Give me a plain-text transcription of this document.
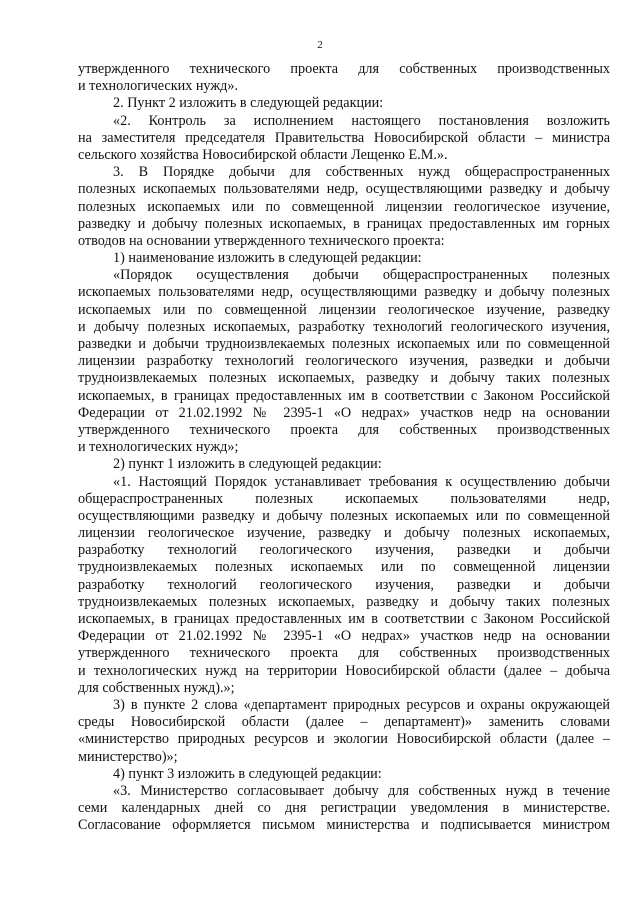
2
утвержденного технического проекта для собственных производственных
и технологических нужд».
2. Пункт 2 изложить в следующей редакции:
«2. Контроль за исполнением настоящего постановления возложить
на заместителя председателя Правительства Новосибирской области – министра
сельского хозяйства Новосибирской области Лещенко Е.М.».
3. В Порядке добычи для собственных нужд общераспространенных
полезных ископаемых пользователями недр, осуществляющими разведку и добычу
полезных ископаемых или по совмещенной лицензии геологическое изучение,
разведку и добычу полезных ископаемых, в границах предоставленных им горных
отводов на основании утвержденного технического проекта:
1) наименование изложить в следующей редакции:
«Порядок осуществления добычи общераспространенных полезных
ископаемых пользователями недр, осуществляющими разведку и добычу полезных
ископаемых или по совмещенной лицензии геологическое изучение, разведку
и добычу полезных ископаемых, разработку технологий геологического изучения,
разведки и добычи трудноизвлекаемых полезных ископаемых или по совмещенной
лицензии разработку технологий геологического изучения, разведки и добычи
трудноизвлекаемых полезных ископаемых, разведку и добычу таких полезных
ископаемых, в границах предоставленных им в соответствии с Законом Российской
Федерации от 21.02.1992 № 2395-1 «О недрах» участков недр на основании
утвержденного технического проекта для собственных производственных
и технологических нужд»;
2) пункт 1 изложить в следующей редакции:
«1. Настоящий Порядок устанавливает требования к осуществлению добычи
общераспространенных полезных ископаемых пользователями недр,
осуществляющими разведку и добычу полезных ископаемых или по совмещенной
лицензии геологическое изучение, разведку и добычу полезных ископаемых,
разработку технологий геологического изучения, разведки и добычи
трудноизвлекаемых полезных ископаемых или по совмещенной лицензии
разработку технологий геологического изучения, разведки и добычи
трудноизвлекаемых полезных ископаемых, разведку и добычу таких полезных
ископаемых, в границах предоставленных им в соответствии с Законом Российской
Федерации от 21.02.1992 № 2395-1 «О недрах» участков недр на основании
утвержденного технического проекта для собственных производственных
и технологических нужд на территории Новосибирской области (далее – добыча
для собственных нужд).»;
3) в пункте 2 слова «департамент природных ресурсов и охраны окружающей
среды Новосибирской области (далее – департамент)» заменить словами
«министерство природных ресурсов и экологии Новосибирской области (далее –
министерство)»;
4) пункт 3 изложить в следующей редакции:
«3. Министерство согласовывает добычу для собственных нужд в течение
семи календарных дней со дня регистрации уведомления в министерстве.
Согласование оформляется письмом министерства и подписывается министром
